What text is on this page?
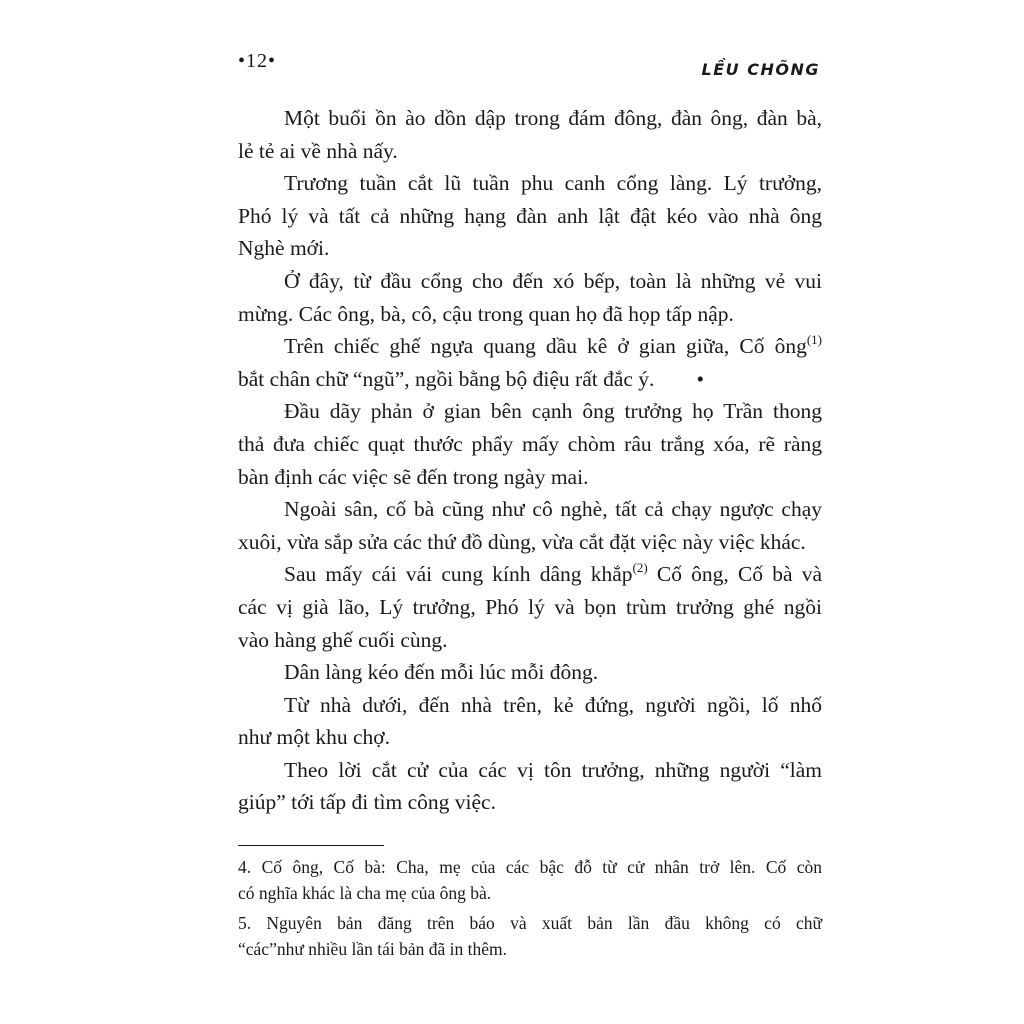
•12•	LỀU CHÕNG
Một buổi ồn ào dồn dập trong đám đông, đàn ông, đàn bà,
lẻ tẻ ai về nhà nấy.
Trương tuần cắt lũ tuần phu canh cổng làng. Lý trưởng,
Phó lý và tất cả những hạng đàn anh lật đật kéo vào nhà ông
Nghè mới.
Ở đây, từ đầu cổng cho đến xó bếp, toàn là những vẻ vui
mừng. Các ông, bà, cô, cậu trong quan họ đã họp tấp nập.
Trên chiếc ghế ngựa quang dầu kê ở gian giữa, Cố ông$^{(1)}$
bắt chân chữ “ngũ”, ngồi bằng bộ điệu rất đắc ý. •
Đầu dãy phản ở gian bên cạnh ông trưởng họ Trần thong
thả đưa chiếc quạt thước phẩy mấy chòm râu trắng xóa, rẽ ràng
bàn định các việc sẽ đến trong ngày mai.
Ngoài sân, cố bà cũng như cô nghè, tất cả chạy ngược chạy
xuôi, vừa sắp sửa các thứ đồ dùng, vừa cắt đặt việc này việc khác.
Sau mấy cái vái cung kính dâng khắp$^{(2)}$ Cố ông, Cố bà và
các vị già lão, Lý trưởng, Phó lý và bọn trùm trưởng ghé ngồi
vào hàng ghế cuối cùng.
Dân làng kéo đến mỗi lúc mỗi đông.
Từ nhà dưới, đến nhà trên, kẻ đứng, người ngồi, lố nhố
như một khu chợ.
Theo lời cắt cử của các vị tôn trưởng, những người “làm
giúp” tới tấp đi tìm công việc.
4. Cố ông, Cố bà: Cha, mẹ của các bậc đỗ từ cử nhân trở lên. Cố còn
có nghĩa khác là cha mẹ của ông bà.
5. Nguyên bản đăng trên báo và xuất bản lần đầu không có chữ
“các”như nhiều lần tái bản đã in thêm.
